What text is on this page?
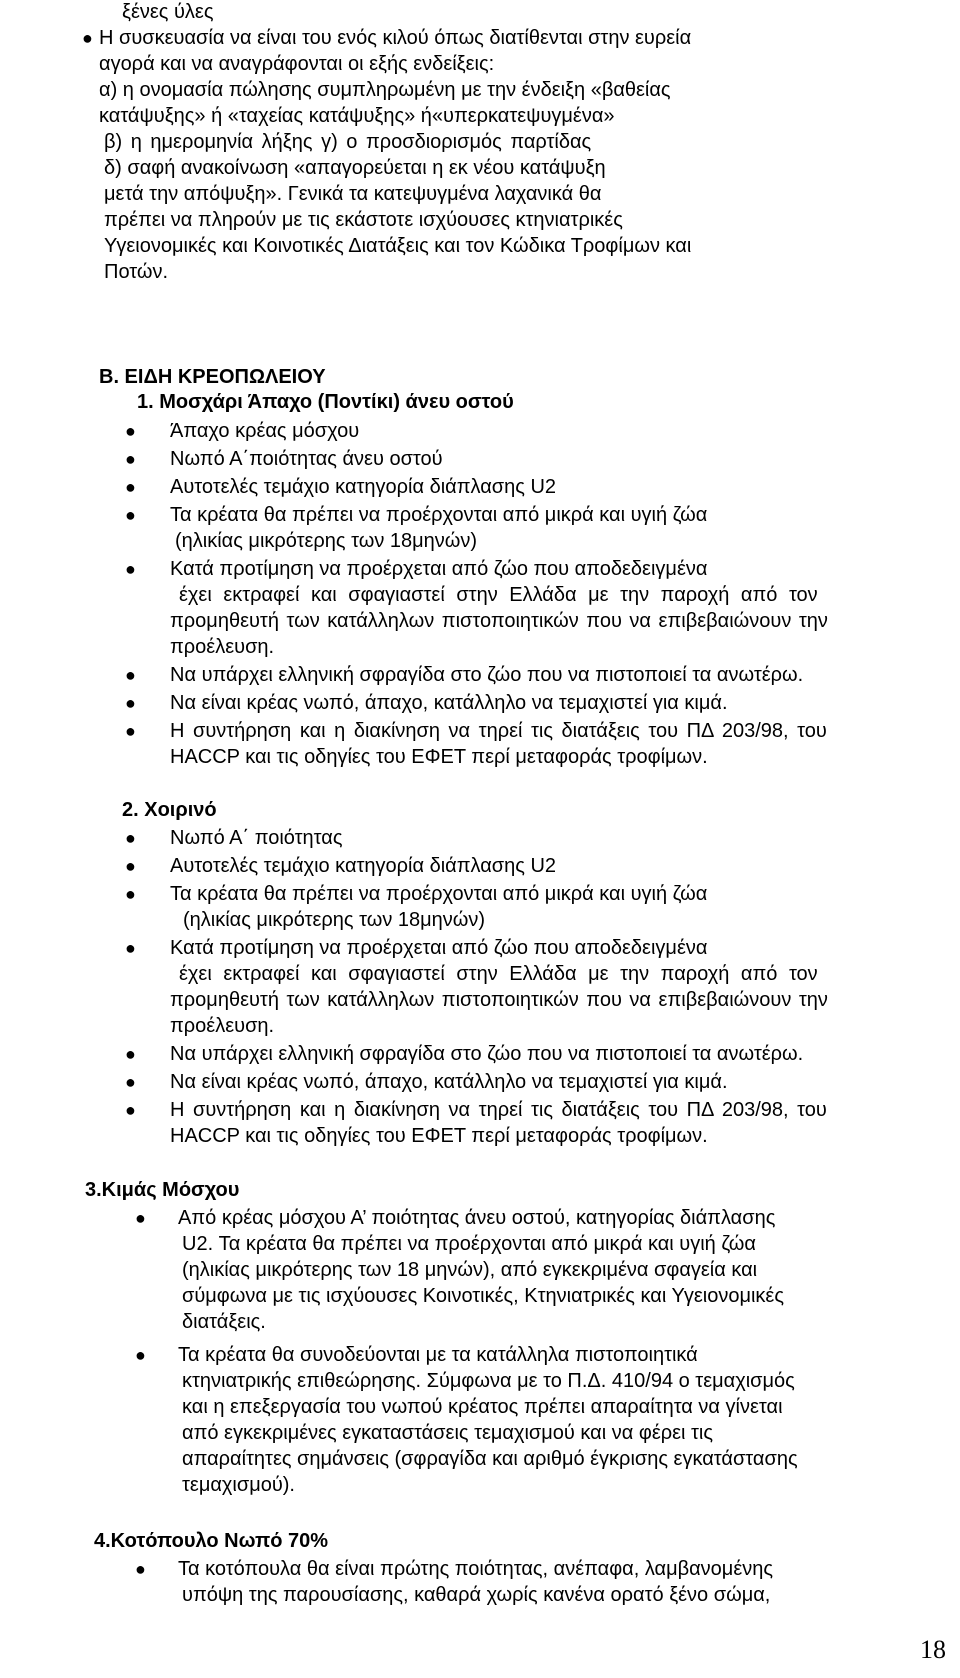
ξένες ύλες
● Η συσκευασία να είναι του ενός κιλού όπως διατίθενται στην ευρεία
αγορά και να αναγράφονται οι εξής ενδείξεις:
α) η ονομασία πώλησης συμπληρωμένη με την ένδειξη «βαθείας
κατάψυξης» ή «ταχείας κατάψυξης» ή«υπερκατεψυγμένα»
β) η ημερομηνία λήξης γ) ο προσδιορισμός παρτίδας
δ) σαφή ανακοίνωση «απαγορεύεται η εκ νέου κατάψυξη
μετά την απόψυξη». Γενικά τα κατεψυγμένα λαχανικά θα
πρέπει να πληρούν με τις εκάστοτε ισχύουσες κτηνιατρικές
Υγειονομικές και Κοινοτικές Διατάξεις και τον Κώδικα Τροφίμων και
Ποτών.
Β. ΕΙΔΗ ΚΡΕΟΠΩΛΕΙΟΥ
1. Μοσχάρι Άπαχο (Ποντίκι) άνευ οστού
● Άπαχο κρέας μόσχου
● Νωπό Α΄ποιότητας άνευ οστού
● Αυτοτελές τεμάχιο κατηγορία διάπλασης U2
● Τα κρέατα θα πρέπει να προέρχονται από μικρά και υγιή ζώα
(ηλικίας μικρότερης των 18μηνών)
● Κατά προτίμηση να προέρχεται από ζώο που αποδεδειγμένα
έχει εκτραφεί και σφαγιαστεί στην Ελλάδα με την παροχή από τον
προμηθευτή των κατάλληλων πιστοποιητικών που να επιβεβαιώνουν την
προέλευση.
● Να υπάρχει ελληνική σφραγίδα στο ζώο που να πιστοποιεί τα ανωτέρω.
● Να είναι κρέας νωπό, άπαχο, κατάλληλο να τεμαχιστεί για κιμά.
● Η συντήρηση και η διακίνηση να τηρεί τις διατάξεις του ΠΔ 203/98, του
HACCP και τις οδηγίες του ΕΦΕΤ περί μεταφοράς τροφίμων.
2. Χοιρινό
● Νωπό Α΄ ποιότητας
● Αυτοτελές τεμάχιο κατηγορία διάπλασης U2
● Τα κρέατα θα πρέπει να προέρχονται από μικρά και υγιή ζώα
(ηλικίας μικρότερης των 18μηνών)
● Κατά προτίμηση να προέρχεται από ζώο που αποδεδειγμένα
έχει εκτραφεί και σφαγιαστεί στην Ελλάδα με την παροχή από τον
προμηθευτή των κατάλληλων πιστοποιητικών που να επιβεβαιώνουν την
προέλευση.
● Να υπάρχει ελληνική σφραγίδα στο ζώο που να πιστοποιεί τα ανωτέρω.
● Να είναι κρέας νωπό, άπαχο, κατάλληλο να τεμαχιστεί για κιμά.
● Η συντήρηση και η διακίνηση να τηρεί τις διατάξεις του ΠΔ 203/98, του
HACCP και τις οδηγίες του ΕΦΕΤ περί μεταφοράς τροφίμων.
3.Κιμάς Μόσχου
● Από κρέας μόσχου Α’ ποιότητας άνευ οστού, κατηγορίας διάπλασης
U2. Τα κρέατα θα πρέπει να προέρχονται από μικρά και υγιή ζώα
(ηλικίας μικρότερης των 18 μηνών), από εγκεκριμένα σφαγεία και
σύμφωνα με τις ισχύουσες Κοινοτικές, Κτηνιατρικές και Υγειονομικές
διατάξεις.
● Τα κρέατα θα συνοδεύονται με τα κατάλληλα πιστοποιητικά
κτηνιατρικής επιθεώρησης. Σύμφωνα με το Π.Δ. 410/94 ο τεμαχισμός
και η επεξεργασία του νωπού κρέατος πρέπει απαραίτητα να γίνεται
από εγκεκριμένες εγκαταστάσεις τεμαχισμού και να φέρει τις
απαραίτητες σημάνσεις (σφραγίδα και αριθμό έγκρισης εγκατάστασης
τεμαχισμού).
4.Κοτόπουλο Νωπό 70%
● Τα κοτόπουλα θα είναι πρώτης ποιότητας, ανέπαφα, λαμβανομένης
υπόψη της παρουσίασης, καθαρά χωρίς κανένα ορατό ξένο σώμα,
18
